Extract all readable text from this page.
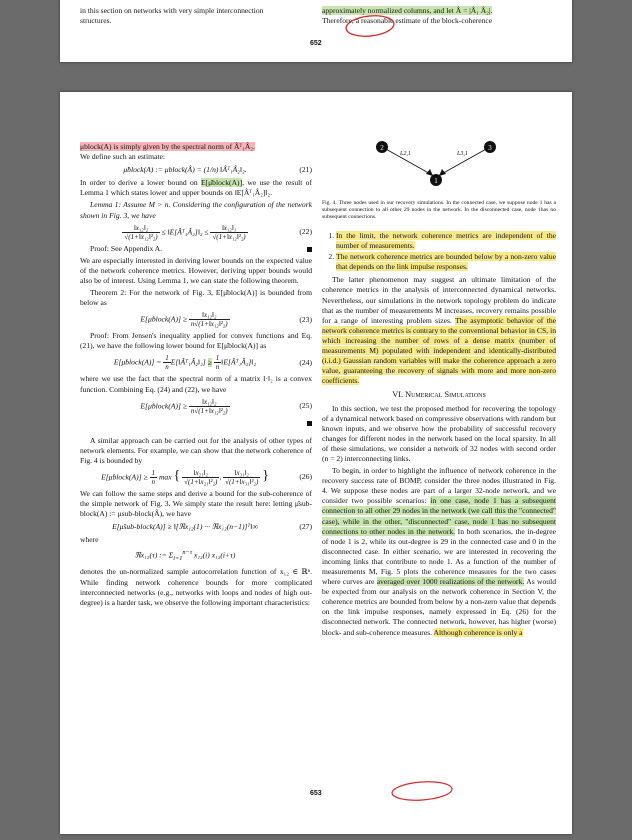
in this section on networks with very simple interconnection
structures.
approximately normalized columns, and let Â = |Â₁ Â₂|.
Therefore, a reasonable estimate of the block-coherence
652

μblock(A) is simply given by the spectral norm of Âᵀ₁Â₂.
We define such an estimate:

μ̂block(A) := μblock(Â) = (1/n) ‖Âᵀ₁Â₂‖₂.	(21)

In order to derive a lower bound on E[μ̂block(A)], we use the result of Lemma 1 which states lower and upper bounds on ‖E[Âᵀ₁Â₂]‖₂.

Lemma 1: Assume M > n. Considering the configuration of the network shown in Fig. 3, we have

$\frac{\text{‖x₁₂‖₂}}{\text{√(1+‖x₁₂‖²₂)}}$ ≤ ‖E[Âᵀ₁Â₂]‖₂ ≤ $\frac{\text{‖x₁₂‖₁}}{\text{√(1+‖x₁₂‖²₂)}}$	(22)

Proof: See Appendix A.

We are especially interested in deriving lower bounds on the expected value of the network coherence metrics. However, deriving upper bounds would also be of interest. Using Lemma 1, we can state the following theorem.

Theorem 2: For the network of Fig. 3, E[μ̂block(A)] is bounded from below as

E[μ̂block(A)] ≥ $\frac{\text{‖x₁₂‖₂}}{\text{n√(1+‖x₁₂‖²₂)}}$	(23)

Proof: From Jensen's inequality applied for convex functions and Eq. (21), we have the following lower bound for E[μ̂block(A)] as

E[μ̂block(A)] = $\frac{1}{n}$ E[‖Âᵀ₁Â₂‖₂] ≥ $\frac{1}{n}$ ‖E[Âᵀ₁Â₂]‖₂	(24)

where we use the fact that the spectral norm of a matrix ‖·‖₂ is a convex function. Combining Eq. (24) and (22), we have

E[μ̂block(A)] ≥ $\frac{\text{‖x₁₂‖₂}}{\text{n√(1+‖x₁₂‖²₂)}}$	(25)

A similar approach can be carried out for the analysis of other types of network elements. For example, we can show that the network coherence of Fig. 4 is bounded by

E[μ̂block(A)] ≥ $\frac{1}{n}$ max { $\frac{\text{‖x₂₁‖₂}}{\text{√(1+‖x₂₁‖²₂)}}$ , $\frac{\text{‖x₃₁‖₂}}{\text{√(1+‖x₃₁‖²₂)}}$ }	(26)

We can follow the same steps and derive a bound for the sub-coherence of the simple network of Fig. 3. We simply state the result here: letting μ̂sub-block(A) := μsub-block(Â), we have

E[μ̂sub-block(A)] ≥ ‖[ℜx₁₂(1) ··· ℜx₁₂(n−1)]ᵀ‖∞	(27)

where

ℜx₁₂(τ) := $\Sigma_{i=1}^{n-\tau}$ x₁₂(i) x₁₂(i+τ)

denotes the un-normalized sample autocorrelation function of x₁₂ ∈ ℝⁿ. While finding network coherence bounds for more complicated interconnected networks (e.g., networks with loops and nodes of high out-degree) is a harder task, we observe the following important characteristics:

2
1
3
L2,1	L3,1

Fig. 4. Three nodes used in our recovery simulations. In the connected case, we suppose node 1 has a subsequent connection to all other 29 nodes in the network. In the disconnected case, node 1has no subsequent connections.

1. In the limit, the network coherence metrics are independent of the number of measurements.
2. The network coherence metrics are bounded below by a non-zero value that depends on the link impulse responses.

The latter phenomenon may suggest an ultimate limitation of the coherence metrics in the analysis of interconnected dynamical networks. Nevertheless, our simulations in the network topology problem do indicate that as the number of measurements M increases, recovery remains possible for a range of interesting problem sizes. The asymptotic behavior of the network coherence metrics is contrary to the conventional behavior in CS, in which increasing the number of rows of a dense matrix (number of measurements M) populated with independent and identically-distributed (i.i.d.) Gaussian random variables will make the coherence approach a zero value, guaranteeing the recovery of signals with more and more non-zero coefficients.

VI. Numerical Simulations

In this section, we test the proposed method for recovering the topology of a dynamical network based on compressive observations with random but known inputs, and we observe how the probability of successful recovery changes for different nodes in the network based on the local sparsity. In all of these simulations, we consider a network of 32 nodes with second order (n = 2) interconnecting links.

To begin, in order to highlight the influence of network coherence in the recovery success rate of BOMP, consider the three nodes illustrated in Fig. 4. We suppose these nodes are part of a larger 32-node network, and we consider two possible scenarios: in one case, node 1 has a subsequent connection to all other 29 nodes in the network (we call this the "connected" case), while in the other, "disconnected" case, node 1 has no subsequent connections to other nodes in the network. In both scenarios, the in-degree of node 1 is 2, while its out-degree is 29 in the connected case and 0 in the disconnected case. In either scenario, we are interested in recovering the incoming links that contribute to node 1. As a function of the number of measurements M, Fig. 5 plots the coherence measures for the two cases where curves are averaged over 1000 realizations of the network. As would be expected from our analysis on the network coherence in Section V, the coherence metrics are bounded from below by a non-zero value that depends on the link impulse responses, namely expressed in Eq. (26) for the disconnected network. The connected network, however, has higher (worse) block- and sub-coherence measures. Although coherence is only a

653
